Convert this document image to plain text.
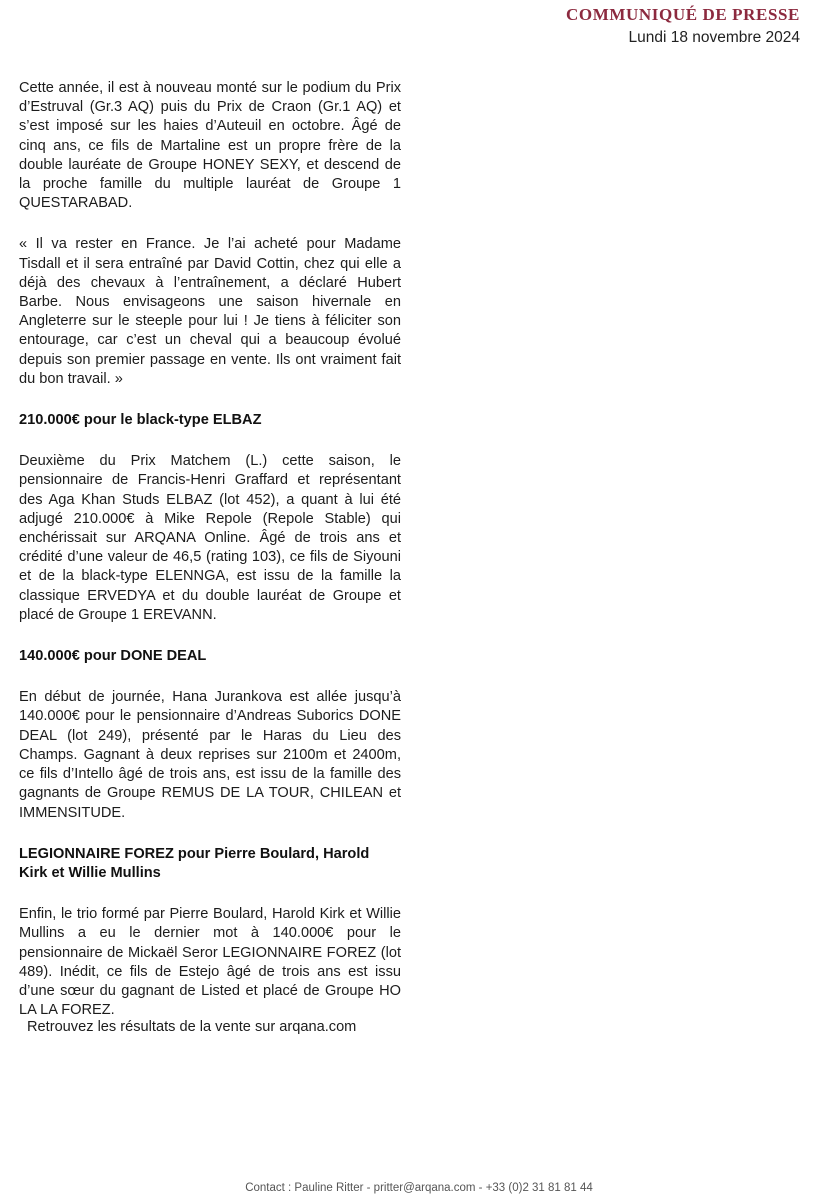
COMMUNIQUÉ DE PRESSE
Lundi 18 novembre 2024

Cette année, il est à nouveau monté sur le podium du Prix d’Estruval (Gr.3 AQ) puis du Prix de Craon (Gr.1 AQ) et s’est imposé sur les haies d’Auteuil en octobre. Âgé de cinq ans, ce fils de Martaline est un propre frère de la double lauréate de Groupe HONEY SEXY, et descend de la proche famille du multiple lauréat de Groupe 1 QUESTARABAD.

« Il va rester en France. Je l’ai acheté pour Madame Tisdall et il sera entraîné par David Cottin, chez qui elle a déjà des chevaux à l’entraînement, a déclaré Hubert Barbe. Nous envisageons une saison hivernale en Angleterre sur le steeple pour lui ! Je tiens à féliciter son entourage, car c’est un cheval qui a beaucoup évolué depuis son premier passage en vente. Ils ont vraiment fait du bon travail. »

210.000€ pour le black-type ELBAZ

Deuxième du Prix Matchem (L.) cette saison, le pensionnaire de Francis-Henri Graffard et représentant des Aga Khan Studs ELBAZ (lot 452), a quant à lui été adjugé 210.000€ à Mike Repole (Repole Stable) qui enchérissait sur ARQANA Online. Âgé de trois ans et crédité d’une valeur de 46,5 (rating 103), ce fils de Siyouni et de la black-type ELENNGA, est issu de la famille la classique ERVEDYA et du double lauréat de Groupe et placé de Groupe 1 EREVANN.

140.000€ pour DONE DEAL

En début de journée, Hana Jurankova est allée jusqu’à 140.000€ pour le pensionnaire d’Andreas Suborics DONE DEAL (lot 249), présenté par le Haras du Lieu des Champs. Gagnant à deux reprises sur 2100m et 2400m, ce fils d’Intello âgé de trois ans, est issu de la famille des gagnants de Groupe REMUS DE LA TOUR, CHILEAN et IMMENSITUDE.

LEGIONNAIRE FOREZ pour Pierre Boulard, Harold Kirk et Willie Mullins

Enfin, le trio formé par Pierre Boulard, Harold Kirk et Willie Mullins a eu le dernier mot à 140.000€ pour le pensionnaire de Mickaël Seror LEGIONNAIRE FOREZ (lot 489). Inédit, ce fils de Estejo âgé de trois ans est issu d’une sœur du gagnant de Listed et placé de Groupe HO LA LA FOREZ.

Retrouvez les résultats de la vente sur arqana.com

Contact : Pauline Ritter - pritter@arqana.com - +33 (0)2 31 81 81 44
